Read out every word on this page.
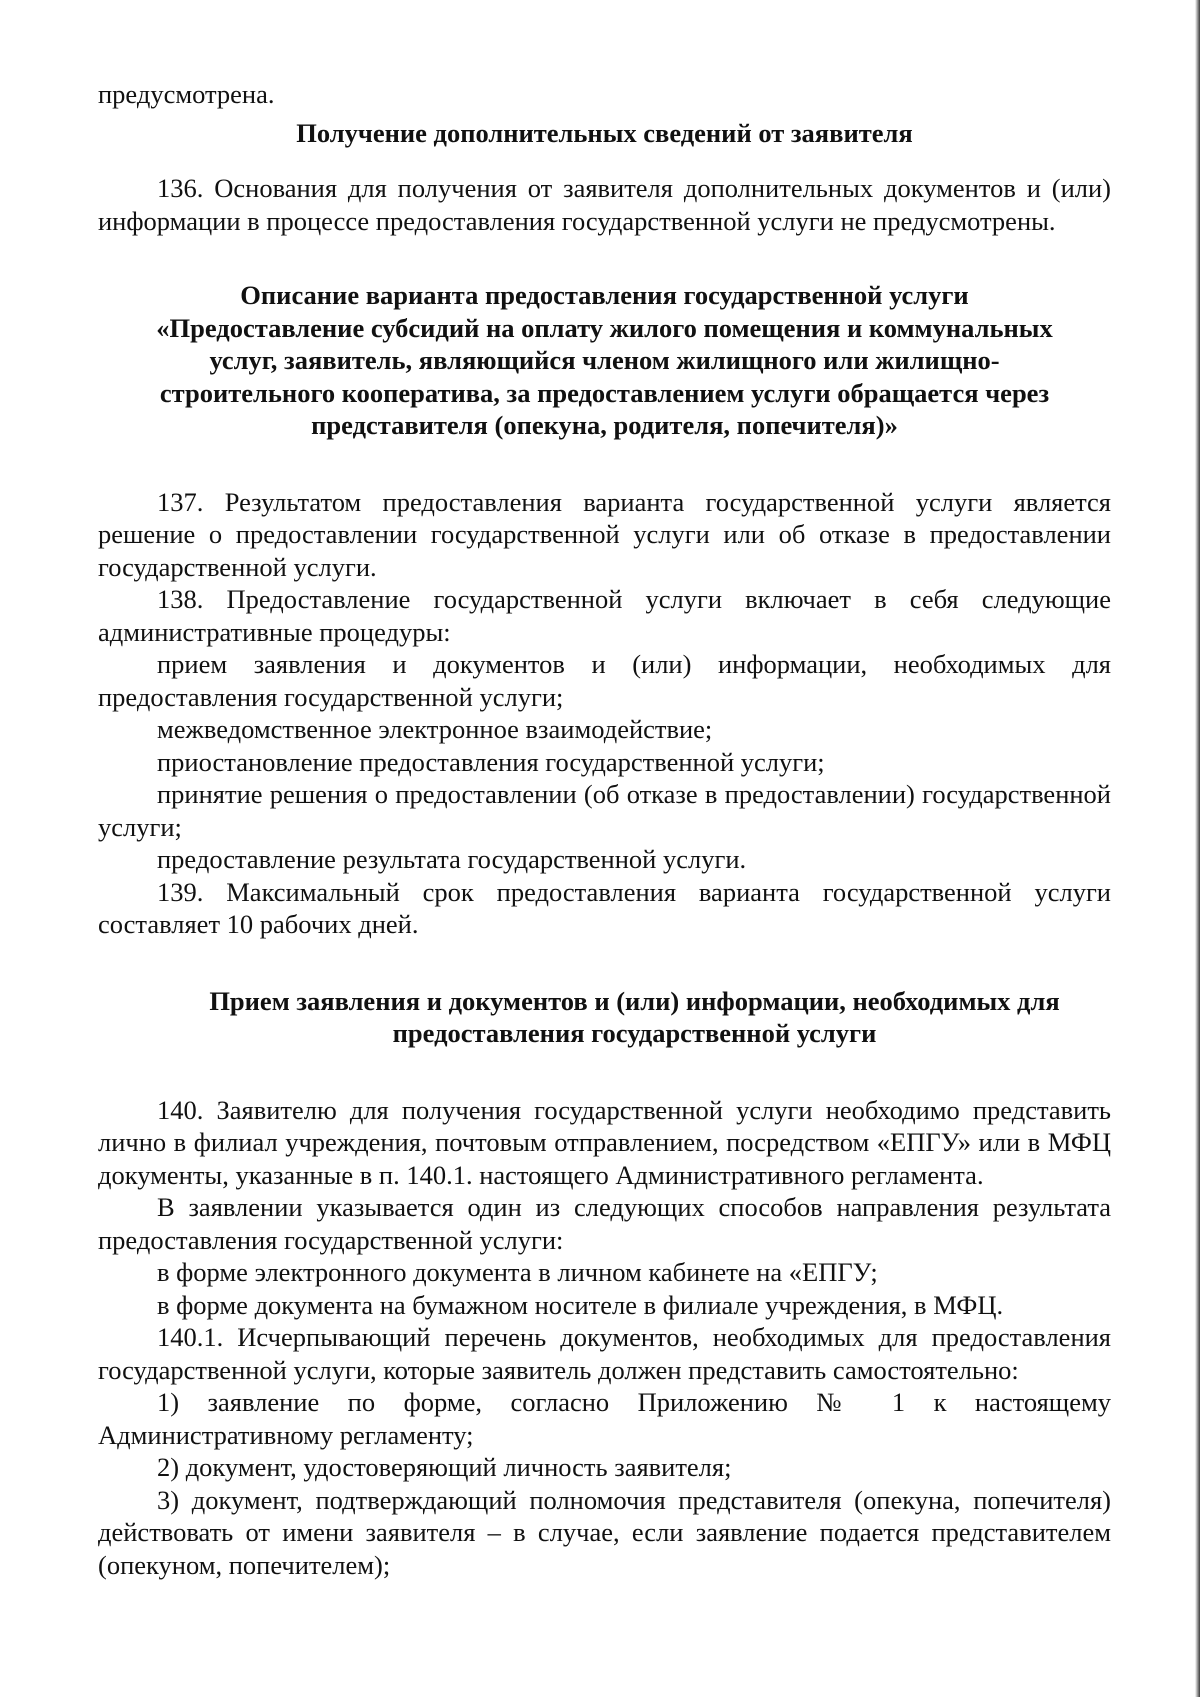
предусмотрена.

Получение дополнительных сведений от заявителя

136. Основания для получения от заявителя дополнительных документов и (или) информации в процессе предоставления государственной услуги не предусмотрены.

Описание варианта предоставления государственной услуги

«Предоставление субсидий на оплату жилого помещения и коммунальных

услуг, заявитель, являющийся членом жилищного или жилищно-

строительного кооператива, за предоставлением услуги обращается через

представителя (опекуна, родителя, попечителя)»

137. Результатом предоставления варианта государственной услуги является решение о предоставлении государственной услуги или об отказе в предоставлении государственной услуги.

138. Предоставление государственной услуги включает в себя следующие административные процедуры:

прием заявления и документов и (или) информации, необходимых для предоставления государственной услуги;

межведомственное электронное взаимодействие;

приостановление предоставления государственной услуги;

принятие решения о предоставлении (об отказе в предоставлении) государственной услуги;

предоставление результата государственной услуги.

139. Максимальный срок предоставления варианта государственной услуги составляет 10 рабочих дней.

Прием заявления и документов и (или) информации, необходимых для

предоставления государственной услуги

140. Заявителю для получения государственной услуги необходимо представить лично в филиал учреждения, почтовым отправлением, посредством «ЕПГУ» или в МФЦ документы, указанные в п. 140.1. настоящего Административного регламента.

В заявлении указывается один из следующих способов направления результата предоставления государственной услуги:

в форме электронного документа в личном кабинете на «ЕПГУ;

в форме документа на бумажном носителе в филиале учреждения, в МФЦ.

140.1. Исчерпывающий перечень документов, необходимых для предоставления государственной услуги, которые заявитель должен представить самостоятельно:

1) заявление по форме, согласно Приложению № 1 к настоящему Административному регламенту;

2) документ, удостоверяющий личность заявителя;

3) документ, подтверждающий полномочия представителя (опекуна, попечителя) действовать от имени заявителя – в случае, если заявление подается представителем (опекуном, попечителем);
